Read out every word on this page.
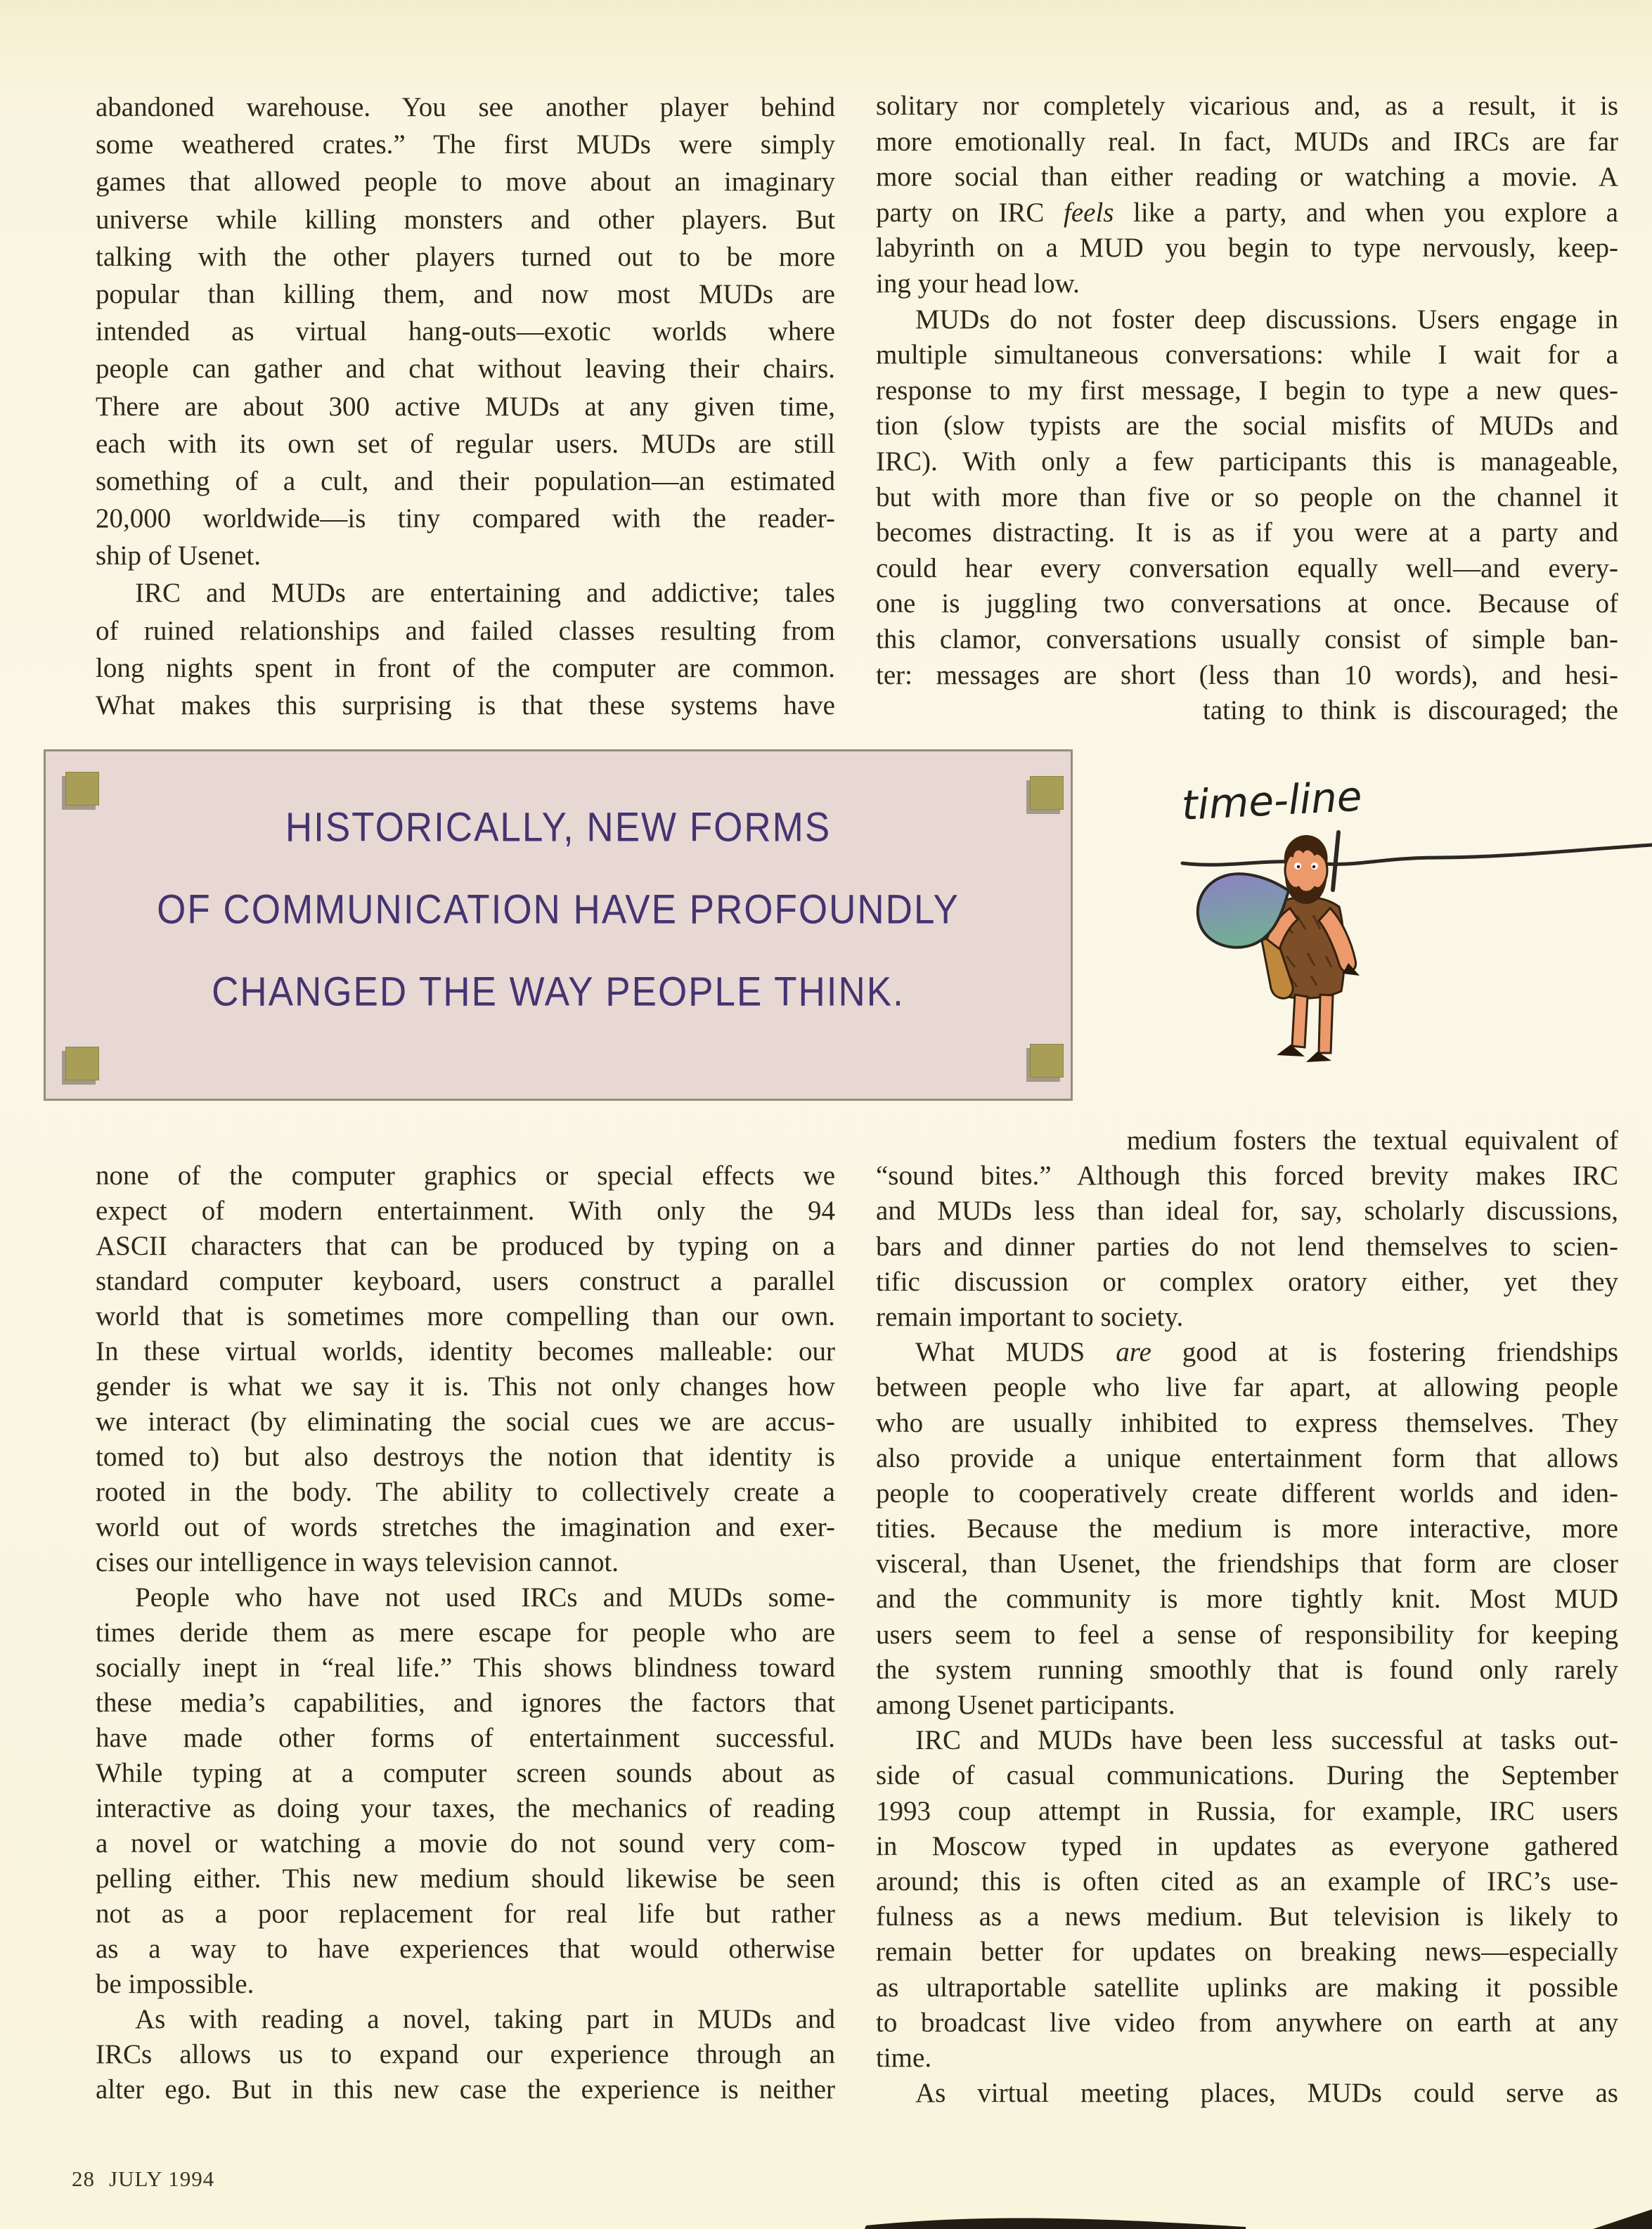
abandoned warehouse. You see another player behind
some weathered crates.” The first MUDs were simply
games that allowed people to move about an imaginary
universe while killing monsters and other players. But
talking with the other players turned out to be more
popular than killing them, and now most MUDs are
intended as virtual hang-outs—exotic worlds where
people can gather and chat without leaving their chairs.
There are about 300 active MUDs at any given time,
each with its own set of regular users. MUDs are still
something of a cult, and their population—an estimated
20,000 worldwide—is tiny compared with the reader-
ship of Usenet.
IRC and MUDs are entertaining and addictive; tales
of ruined relationships and failed classes resulting from
long nights spent in front of the computer are common.
What makes this surprising is that these systems have
solitary nor completely vicarious and, as a result, it is
more emotionally real. In fact, MUDs and IRCs are far
more social than either reading or watching a movie. A
party on IRC feels like a party, and when you explore a
labyrinth on a MUD you begin to type nervously, keep-
ing your head low.
MUDs do not foster deep discussions. Users engage in
multiple simultaneous conversations: while I wait for a
response to my first message, I begin to type a new ques-
tion (slow typists are the social misfits of MUDs and
IRC). With only a few participants this is manageable,
but with more than five or so people on the channel it
becomes distracting. It is as if you were at a party and
could hear every conversation equally well—and every-
one is juggling two conversations at once. Because of
this clamor, conversations usually consist of simple ban-
ter: messages are short (less than 10 words), and hesi-
tating to think is discouraged; the
HISTORICALLY, NEW FORMS
OF COMMUNICATION HAVE PROFOUNDLY
CHANGED THE WAY PEOPLE THINK.
time-line
none of the computer graphics or special effects we
expect of modern entertainment. With only the 94
ASCII characters that can be produced by typing on a
standard computer keyboard, users construct a parallel
world that is sometimes more compelling than our own.
In these virtual worlds, identity becomes malleable: our
gender is what we say it is. This not only changes how
we interact (by eliminating the social cues we are accus-
tomed to) but also destroys the notion that identity is
rooted in the body. The ability to collectively create a
world out of words stretches the imagination and exer-
cises our intelligence in ways television cannot.
People who have not used IRCs and MUDs some-
times deride them as mere escape for people who are
socially inept in “real life.” This shows blindness toward
these media’s capabilities, and ignores the factors that
have made other forms of entertainment successful.
While typing at a computer screen sounds about as
interactive as doing your taxes, the mechanics of reading
a novel or watching a movie do not sound very com-
pelling either. This new medium should likewise be seen
not as a poor replacement for real life but rather
as a way to have experiences that would otherwise
be impossible.
As with reading a novel, taking part in MUDs and
IRCs allows us to expand our experience through an
alter ego. But in this new case the experience is neither
medium fosters the textual equivalent of
“sound bites.” Although this forced brevity makes IRC
and MUDs less than ideal for, say, scholarly discussions,
bars and dinner parties do not lend themselves to scien-
tific discussion or complex oratory either, yet they
remain important to society.
What MUDS are good at is fostering friendships
between people who live far apart, at allowing people
who are usually inhibited to express themselves. They
also provide a unique entertainment form that allows
people to cooperatively create different worlds and iden-
tities. Because the medium is more interactive, more
visceral, than Usenet, the friendships that form are closer
and the community is more tightly knit. Most MUD
users seem to feel a sense of responsibility for keeping
the system running smoothly that is found only rarely
among Usenet participants.
IRC and MUDs have been less successful at tasks out-
side of casual communications. During the September
1993 coup attempt in Russia, for example, IRC users
in Moscow typed in updates as everyone gathered
around; this is often cited as an example of IRC’s use-
fulness as a news medium. But television is likely to
remain better for updates on breaking news—especially
as ultraportable satellite uplinks are making it possible
to broadcast live video from anywhere on earth at any
time.
As virtual meeting places, MUDs could serve as
28 JULY 1994
